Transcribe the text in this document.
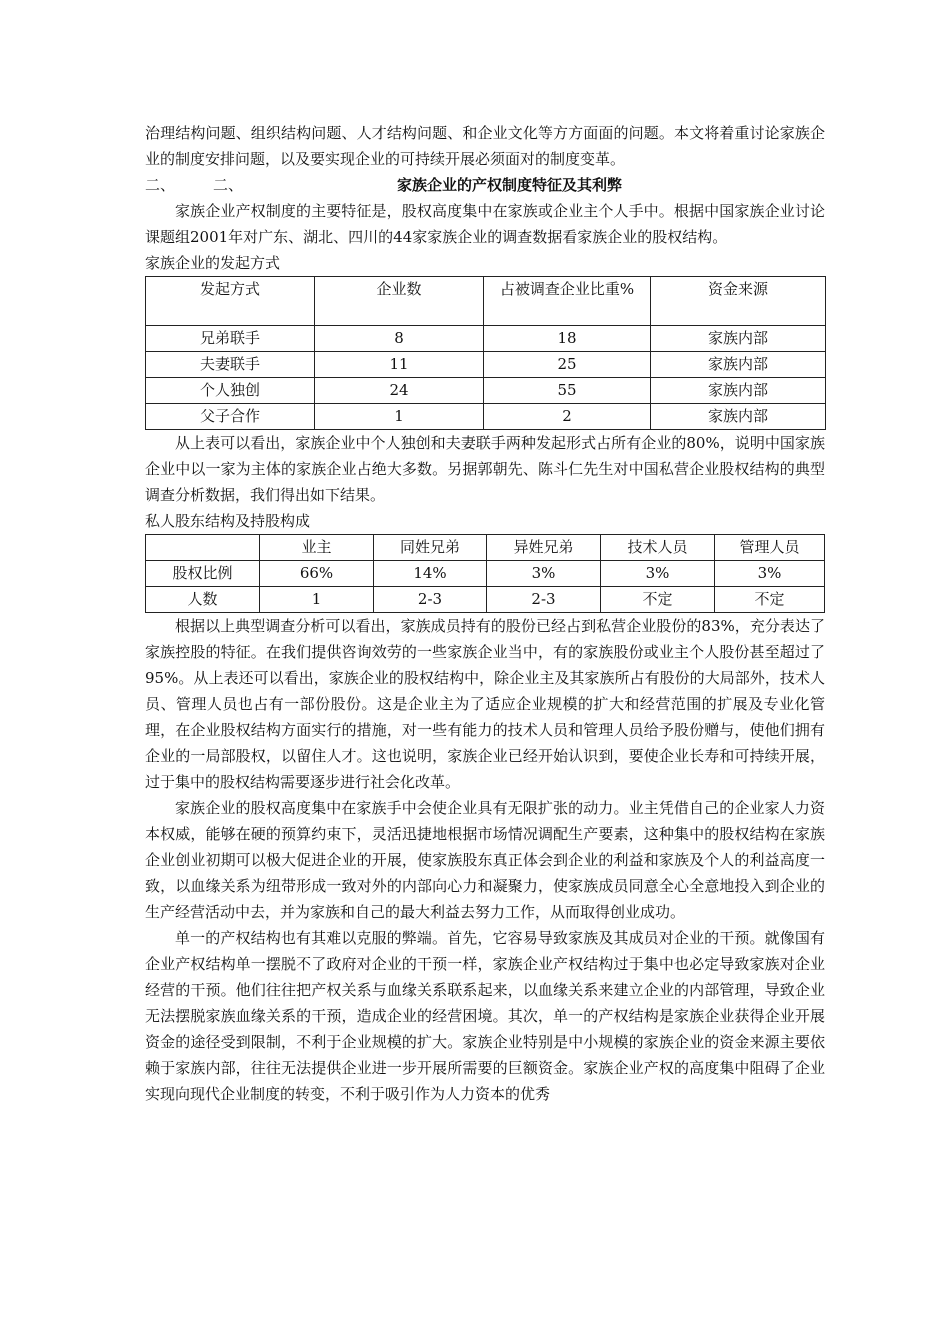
治理结构问题、组织结构问题、人才结构问题、和企业文化等方方面面的问题。本文将着重讨论家族企业的制度安排问题，以及要实现企业的可持续开展必须面对的制度变革。

二、	二、	家族企业的产权制度特征及其利弊

家族企业产权制度的主要特征是，股权高度集中在家族或企业主个人手中。根据中国家族企业讨论课题组2001年对广东、湖北、四川的44家家族企业的调查数据看家族企业的股权结构。

家族企业的发起方式

发起方式	企业数	占被调查企业比重%	资金来源
兄弟联手	8	18	家族内部
夫妻联手	11	25	家族内部
个人独创	24	55	家族内部
父子合作	1	2	家族内部

从上表可以看出，家族企业中个人独创和夫妻联手两种发起形式占所有企业的80%，说明中国家族企业中以一家为主体的家族企业占绝大多数。另据郭朝先、陈斗仁先生对中国私营企业股权结构的典型调查分析数据，我们得出如下结果。

私人股东结构及持股构成

	业主	同姓兄弟	异姓兄弟	技术人员	管理人员
股权比例	66%	14%	3%	3%	3%
人数	1	2-3	2-3	不定	不定

根据以上典型调查分析可以看出，家族成员持有的股份已经占到私营企业股份的83%，充分表达了家族控股的特征。在我们提供咨询效劳的一些家族企业当中，有的家族股份或业主个人股份甚至超过了95%。从上表还可以看出，家族企业的股权结构中，除企业主及其家族所占有股份的大局部外，技术人员、管理人员也占有一部份股份。这是企业主为了适应企业规模的扩大和经营范围的扩展及专业化管理，在企业股权结构方面实行的措施，对一些有能力的技术人员和管理人员给予股份赠与，使他们拥有企业的一局部股权，以留住人才。这也说明，家族企业已经开始认识到，要使企业长寿和可持续开展，过于集中的股权结构需要逐步进行社会化改革。

家族企业的股权高度集中在家族手中会使企业具有无限扩张的动力。业主凭借自己的企业家人力资本权威，能够在硬的预算约束下，灵活迅捷地根据市场情况调配生产要素，这种集中的股权结构在家族企业创业初期可以极大促进企业的开展，使家族股东真正体会到企业的利益和家族及个人的利益高度一致，以血缘关系为纽带形成一致对外的内部向心力和凝聚力，使家族成员同意全心全意地投入到企业的生产经营活动中去，并为家族和自己的最大利益去努力工作，从而取得创业成功。

单一的产权结构也有其难以克服的弊端。首先，它容易导致家族及其成员对企业的干预。就像国有企业产权结构单一摆脱不了政府对企业的干预一样，家族企业产权结构过于集中也必定导致家族对企业经营的干预。他们往往把产权关系与血缘关系联系起来，以血缘关系来建立企业的内部管理，导致企业无法摆脱家族血缘关系的干预，造成企业的经营困境。其次，单一的产权结构是家族企业获得企业开展资金的途径受到限制，不利于企业规模的扩大。家族企业特别是中小规模的家族企业的资金来源主要依赖于家族内部，往往无法提供企业进一步开展所需要的巨额资金。家族企业产权的高度集中阻碍了企业实现向现代企业制度的转变，不利于吸引作为人力资本的优秀
